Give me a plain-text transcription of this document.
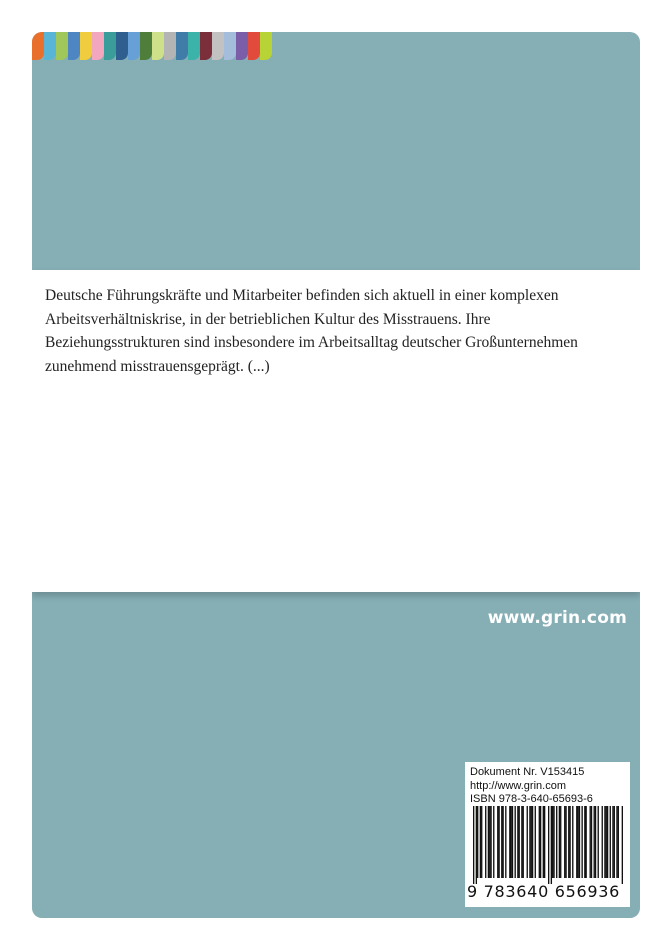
Deutsche Führungskräfte und Mitarbeiter befinden sich aktuell in einer komplexen Arbeitsverhältniskrise, in der betrieblichen Kultur des Misstrauens. Ihre Beziehungsstrukturen sind insbesondere im Arbeitsalltag deutscher Großunternehmen zunehmend misstrauensgeprägt. (...)

www.grin.com
Dokument Nr. V153415
http://www.grin.com
ISBN 978-3-640-65693-6
9 783640 656936
